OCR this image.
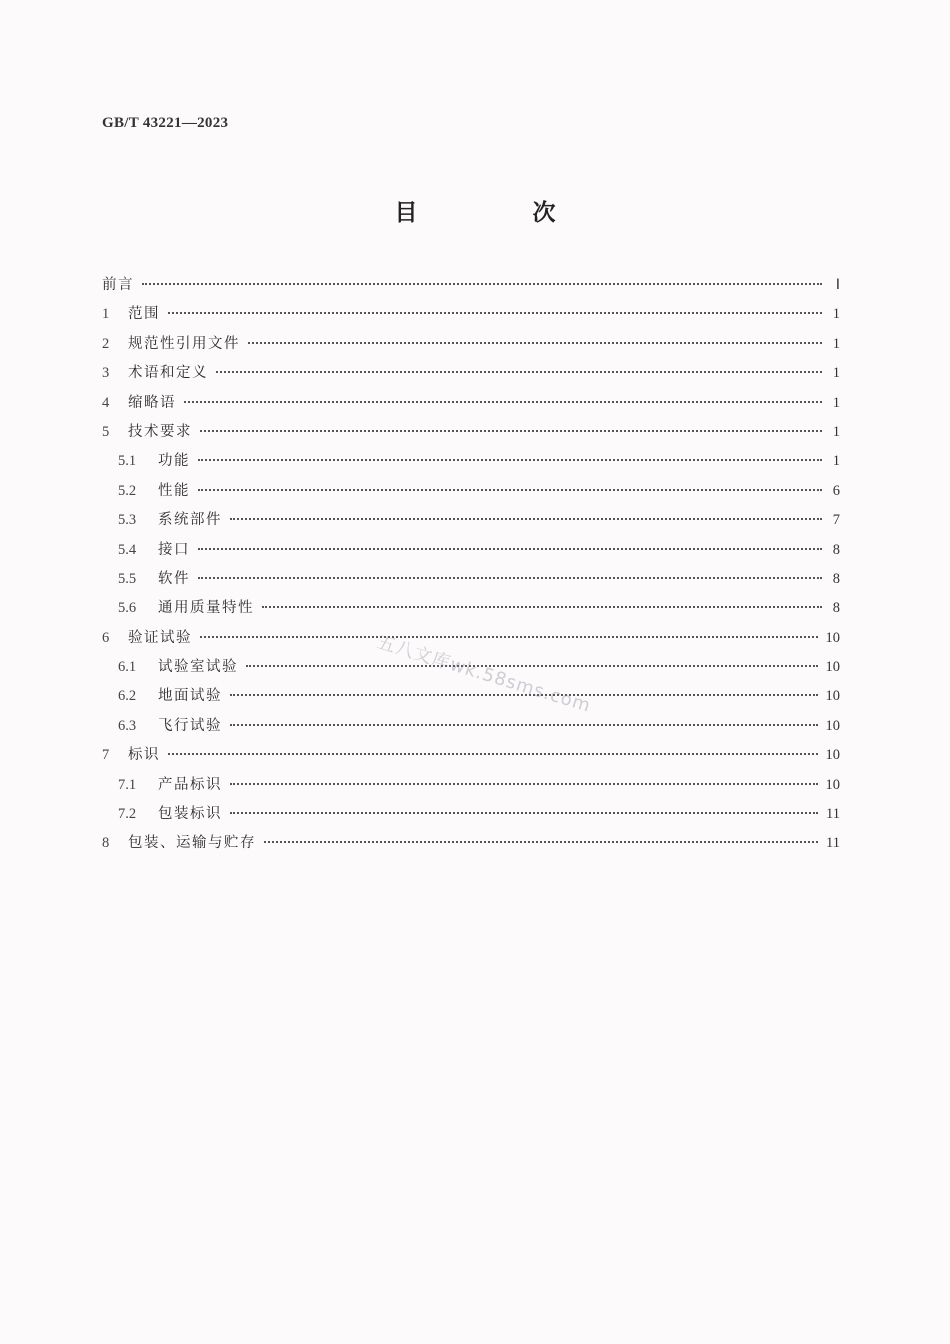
GB/T 43221—2023
目　次
前言	Ⅰ
1	范围	1
2	规范性引用文件	1
3	术语和定义	1
4	缩略语	1
5	技术要求	1
5.1	功能	1
5.2	性能	6
5.3	系统部件	7
5.4	接口	8
5.5	软件	8
5.6	通用质量特性	8
6	验证试验	10
6.1	试验室试验	10
6.2	地面试验	10
6.3	飞行试验	10
7	标识	10
7.1	产品标识	10
7.2	包装标识	11
8	包装、运输与贮存	11
五八文库wk.58sms.com
